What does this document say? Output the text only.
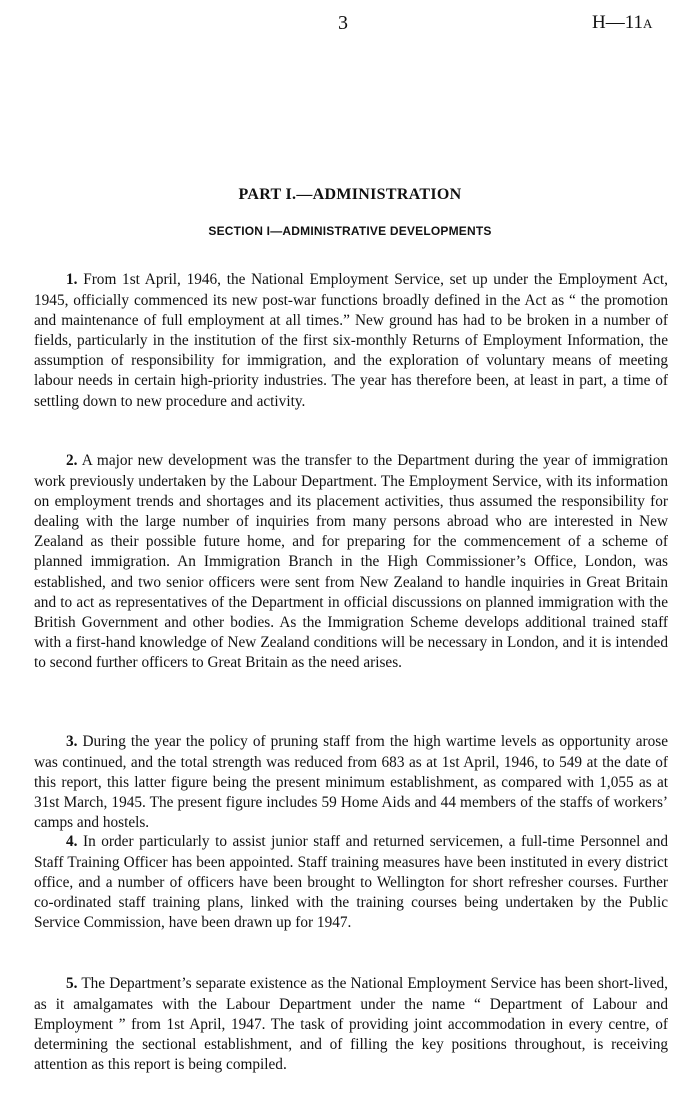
3	H—11A
PART I.—ADMINISTRATION
SECTION I—ADMINISTRATIVE DEVELOPMENTS

1. From 1st April, 1946, the National Employment Service, set up under the Employment Act, 1945, officially commenced its new post-war functions broadly defined in the Act as “ the promotion and maintenance of full employment at all times.” New ground has had to be broken in a number of fields, particularly in the institution of the first six-monthly Returns of Employment Information, the assumption of responsibility for immigration, and the exploration of voluntary means of meeting labour needs in certain high-priority industries. The year has therefore been, at least in part, a time of settling down to new procedure and activity.

2. A major new development was the transfer to the Department during the year of immigration work previously undertaken by the Labour Department. The Employment Service, with its information on employment trends and shortages and its placement activities, thus assumed the responsibility for dealing with the large number of inquiries from many persons abroad who are interested in New Zealand as their possible future home, and for preparing for the commencement of a scheme of planned immigration. An Immigration Branch in the High Commissioner’s Office, London, was established, and two senior officers were sent from New Zealand to handle inquiries in Great Britain and to act as representatives of the Department in official discussions on planned immigration with the British Government and other bodies. As the Immigration Scheme develops additional trained staff with a first-hand knowledge of New Zealand conditions will be necessary in London, and it is intended to second further officers to Great Britain as the need arises.

3. During the year the policy of pruning staff from the high wartime levels as opportunity arose was continued, and the total strength was reduced from 683 as at 1st April, 1946, to 549 at the date of this report, this latter figure being the present minimum establishment, as compared with 1,055 as at 31st March, 1945. The present figure includes 59 Home Aids and 44 members of the staffs of workers’ camps and hostels.

4. In order particularly to assist junior staff and returned servicemen, a full-time Personnel and Staff Training Officer has been appointed. Staff training measures have been instituted in every district office, and a number of officers have been brought to Wellington for short refresher courses. Further co-ordinated staff training plans, linked with the training courses being undertaken by the Public Service Commission, have been drawn up for 1947.

5. The Department’s separate existence as the National Employment Service has been short-lived, as it amalgamates with the Labour Department under the name “ Department of Labour and Employment ” from 1st April, 1947. The task of providing joint accommodation in every centre, of determining the sectional establishment, and of filling the key positions throughout, is receiving attention as this report is being compiled.
